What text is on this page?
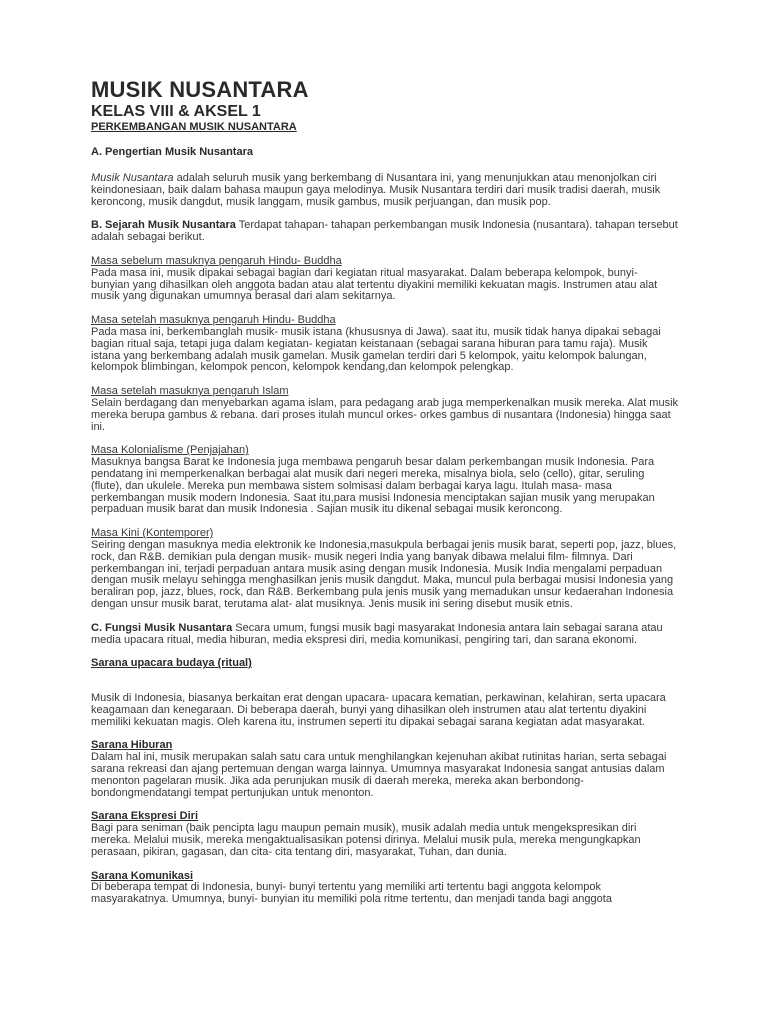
MUSIK NUSANTARA
KELAS VIII & AKSEL 1
PERKEMBANGAN MUSIK NUSANTARA
A. Pengertian Musik Nusantara

Musik Nusantara adalah seluruh musik yang berkembang di Nusantara ini, yang menunjukkan atau menonjolkan ciri keindonesiaan, baik dalam bahasa maupun gaya melodinya. Musik Nusantara terdiri dari musik tradisi daerah, musik keroncong, musik dangdut, musik langgam, musik gambus, musik perjuangan, dan musik pop.

B. Sejarah Musik Nusantara Terdapat tahapan- tahapan perkembangan musik Indonesia (nusantara). tahapan tersebut adalah sebagai berikut.

Masa sebelum masuknya pengaruh Hindu- Buddha
Pada masa ini, musik dipakai sebagai bagian dari kegiatan ritual masyarakat. Dalam beberapa kelompok, bunyi- bunyian yang dihasilkan oleh anggota badan atau alat tertentu diyakini memiliki kekuatan magis. Instrumen atau alat musik yang digunakan umumnya berasal dari alam sekitarnya.

Masa setelah masuknya pengaruh Hindu- Buddha
Pada masa ini, berkembanglah musik- musik istana (khususnya di Jawa). saat itu, musik tidak hanya dipakai sebagai bagian ritual saja, tetapi juga dalam kegiatan- kegiatan keistanaan (sebagai sarana hiburan para tamu raja). Musik istana yang berkembang adalah musik gamelan. Musik gamelan terdiri dari 5 kelompok, yaitu kelompok balungan, kelompok blimbingan, kelompok pencon, kelompok kendang,dan kelompok pelengkap.

Masa setelah masuknya pengaruh Islam
Selain berdagang dan menyebarkan agama islam, para pedagang arab juga memperkenalkan musik mereka. Alat musik mereka berupa gambus & rebana. dari proses itulah muncul orkes- orkes gambus di nusantara (Indonesia) hingga saat ini.

Masa Kolonialisme (Penjajahan)
Masuknya bangsa Barat ke Indonesia juga membawa pengaruh besar dalam perkembangan musik Indonesia. Para pendatang ini memperkenalkan berbagai alat musik dari negeri mereka, misalnya biola, selo (cello), gitar, seruling (flute), dan ukulele. Mereka pun membawa sistem solmisasi dalam berbagai karya lagu. Itulah masa- masa perkembangan musik modern Indonesia. Saat itu,para musisi Indonesia menciptakan sajian musik yang merupakan perpaduan musik barat dan musik Indonesia . Sajian musik itu dikenal sebagai musik keroncong.

Masa Kini (Kontemporer)
Seiring dengan masuknya media elektronik ke Indonesia,masukpula berbagai jenis musik barat, seperti pop, jazz, blues, rock, dan R&B. demikian pula dengan musik- musik negeri India yang banyak dibawa melalui film- filmnya. Dari perkembangan ini, terjadi perpaduan antara musik asing dengan musik Indonesia. Musik India mengalami perpaduan dengan musik melayu sehingga menghasilkan jenis musik dangdut. Maka, muncul pula berbagai musisi Indonesia yang beraliran pop, jazz, blues, rock, dan R&B. Berkembang pula jenis musik yang memadukan unsur kedaerahan Indonesia dengan unsur musik barat, terutama alat- alat musiknya. Jenis musik ini sering disebut musik etnis.

C. Fungsi Musik Nusantara Secara umum, fungsi musik bagi masyarakat Indonesia antara lain sebagai sarana atau media upacara ritual, media hiburan, media ekspresi diri, media komunikasi, pengiring tari, dan sarana ekonomi.

Sarana upacara budaya (ritual)

Musik di Indonesia, biasanya berkaitan erat dengan upacara- upacara kematian, perkawinan, kelahiran, serta upacara keagamaan dan kenegaraan. Di beberapa daerah, bunyi yang dihasilkan oleh instrumen atau alat tertentu diyakini memiliki kekuatan magis. Oleh karena itu, instrumen seperti itu dipakai sebagai sarana kegiatan adat masyarakat.

Sarana Hiburan
Dalam hal ini, musik merupakan salah satu cara untuk menghilangkan kejenuhan akibat rutinitas harian, serta sebagai sarana rekreasi dan ajang pertemuan dengan warga lainnya. Umumnya masyarakat Indonesia sangat antusias dalam menonton pagelaran musik. Jika ada perunjukan musik di daerah mereka, mereka akan berbondong- bondongmendatangi tempat pertunjukan untuk menonton.

Sarana Ekspresi Diri
Bagi para seniman (baik pencipta lagu maupun pemain musik), musik adalah media untuk mengekspresikan diri mereka. Melalui musik, mereka mengaktualisasikan potensi dirinya. Melalui musik pula, mereka mengungkapkan perasaan, pikiran, gagasan, dan cita- cita tentang diri, masyarakat, Tuhan, dan dunia.

Sarana Komunikasi
Di beberapa tempat di Indonesia, bunyi- bunyi tertentu yang memiliki arti tertentu bagi anggota kelompok masyarakatnya. Umumnya, bunyi- bunyian itu memiliki pola ritme tertentu, dan menjadi tanda bagi anggota
